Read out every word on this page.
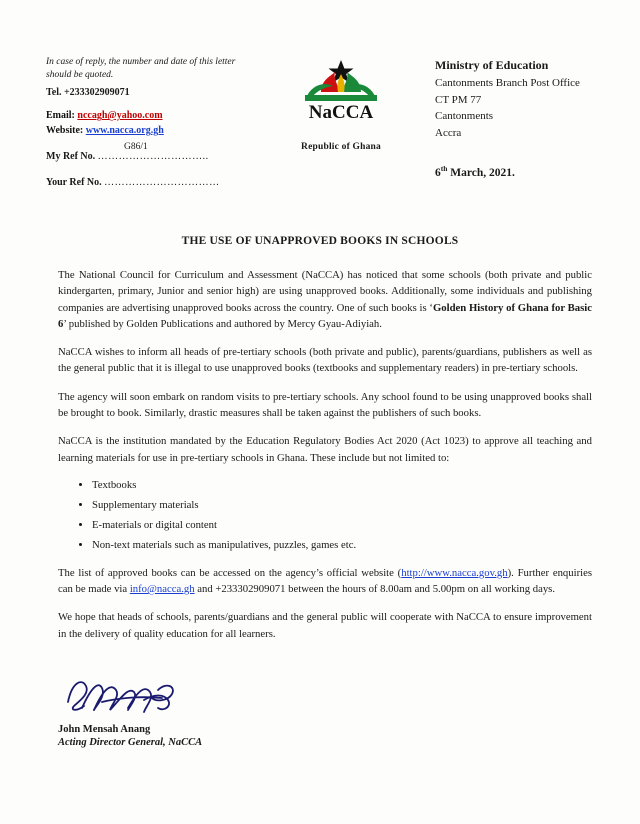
In case of reply, the number and date of this letter should be quoted.
Tel. +233302909071
Email: nccagh@yahoo.com
Website: www.nacca.org.gh
G86/1
My Ref No. …………………………..
Your Ref No. ……………………………
NaCCA
Republic of Ghana
Ministry of Education
Cantonments Branch Post Office
CT PM 77
Cantonments
Accra
6th March, 2021.
THE USE OF UNAPPROVED BOOKS IN SCHOOLS

The National Council for Curriculum and Assessment (NaCCA) has noticed that some schools (both private and public kindergarten, primary, Junior and senior high) are using unapproved books. Additionally, some individuals and publishing companies are advertising unapproved books across the country. One of such books is ‘Golden History of Ghana for Basic 6’ published by Golden Publications and authored by Mercy Gyau-Adiyiah.

NaCCA wishes to inform all heads of pre-tertiary schools (both private and public), parents/guardians, publishers as well as the general public that it is illegal to use unapproved books (textbooks and supplementary readers) in pre-tertiary schools.

The agency will soon embark on random visits to pre-tertiary schools. Any school found to be using unapproved books shall be brought to book. Similarly, drastic measures shall be taken against the publishers of such books.

NaCCA is the institution mandated by the Education Regulatory Bodies Act 2020 (Act 1023) to approve all teaching and learning materials for use in pre-tertiary schools in Ghana. These include but not limited to:

• Textbooks
• Supplementary materials
• E-materials or digital content
• Non-text materials such as manipulatives, puzzles, games etc.

The list of approved books can be accessed on the agency’s official website (http://www.nacca.gov.gh). Further enquiries can be made via info@nacca.gh and +233302909071 between the hours of 8.00am and 5.00pm on all working days.

We hope that heads of schools, parents/guardians and the general public will cooperate with NaCCA to ensure improvement in the delivery of quality education for all learners.

John Mensah Anang
Acting Director General, NaCCA
